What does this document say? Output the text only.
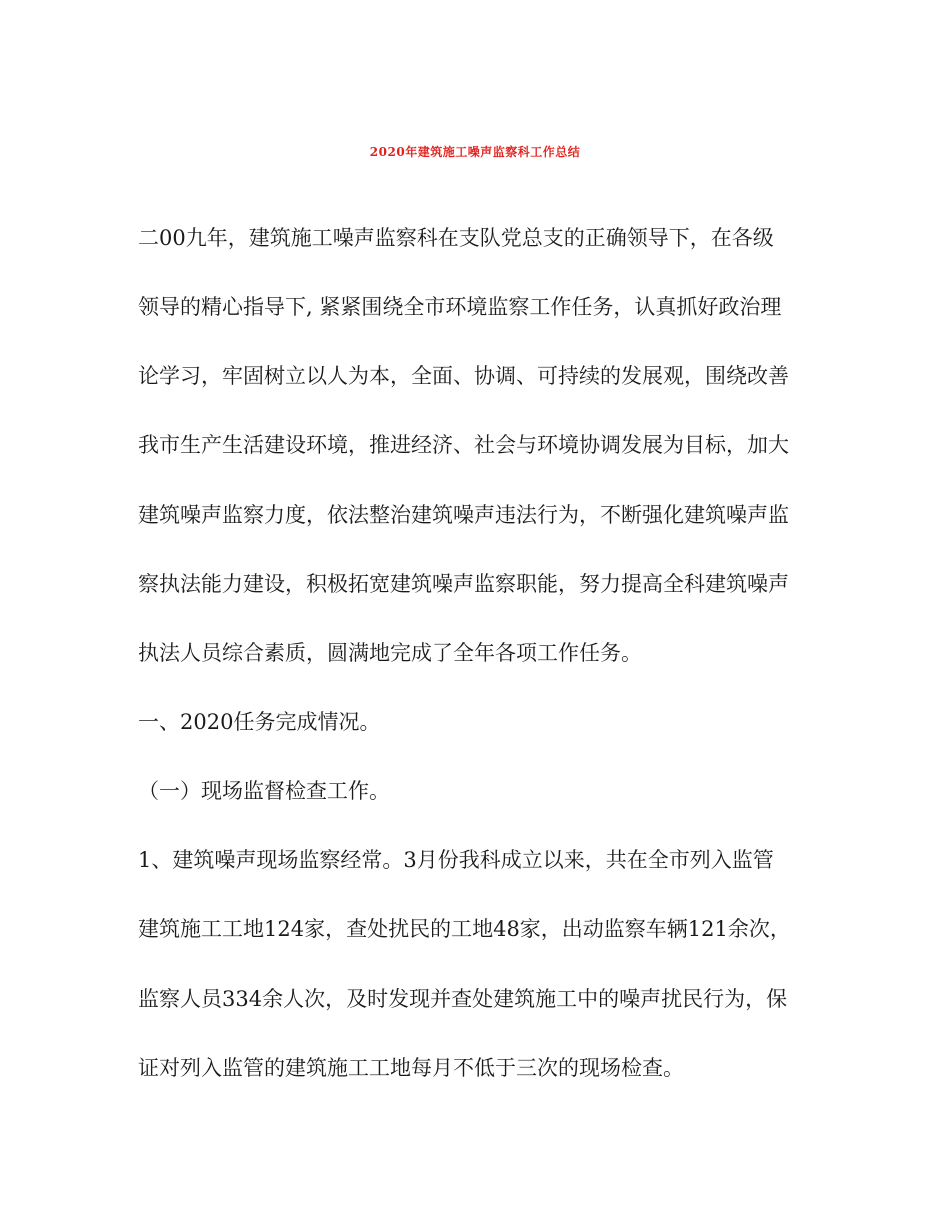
2020年建筑施工噪声监察科工作总结
二00九年，建筑施工噪声监察科在支队党总支的正确领导下，在各级
领导的精心指导下, 紧紧围绕全市环境监察工作任务，认真抓好政治理
论学习，牢固树立以人为本，全面、协调、可持续的发展观，围绕改善
我市生产生活建设环境，推进经济、社会与环境协调发展为目标，加大
建筑噪声监察力度，依法整治建筑噪声违法行为，不断强化建筑噪声监
察执法能力建设，积极拓宽建筑噪声监察职能，努力提高全科建筑噪声
执法人员综合素质，圆满地完成了全年各项工作任务。
一、2020任务完成情况。
（一）现场监督检查工作。
1、建筑噪声现场监察经常。3月份我科成立以来，共在全市列入监管
建筑施工工地124家，查处扰民的工地48家，出动监察车辆121余次，
监察人员334余人次，及时发现并查处建筑施工中的噪声扰民行为，保
证对列入监管的建筑施工工地每月不低于三次的现场检查。
